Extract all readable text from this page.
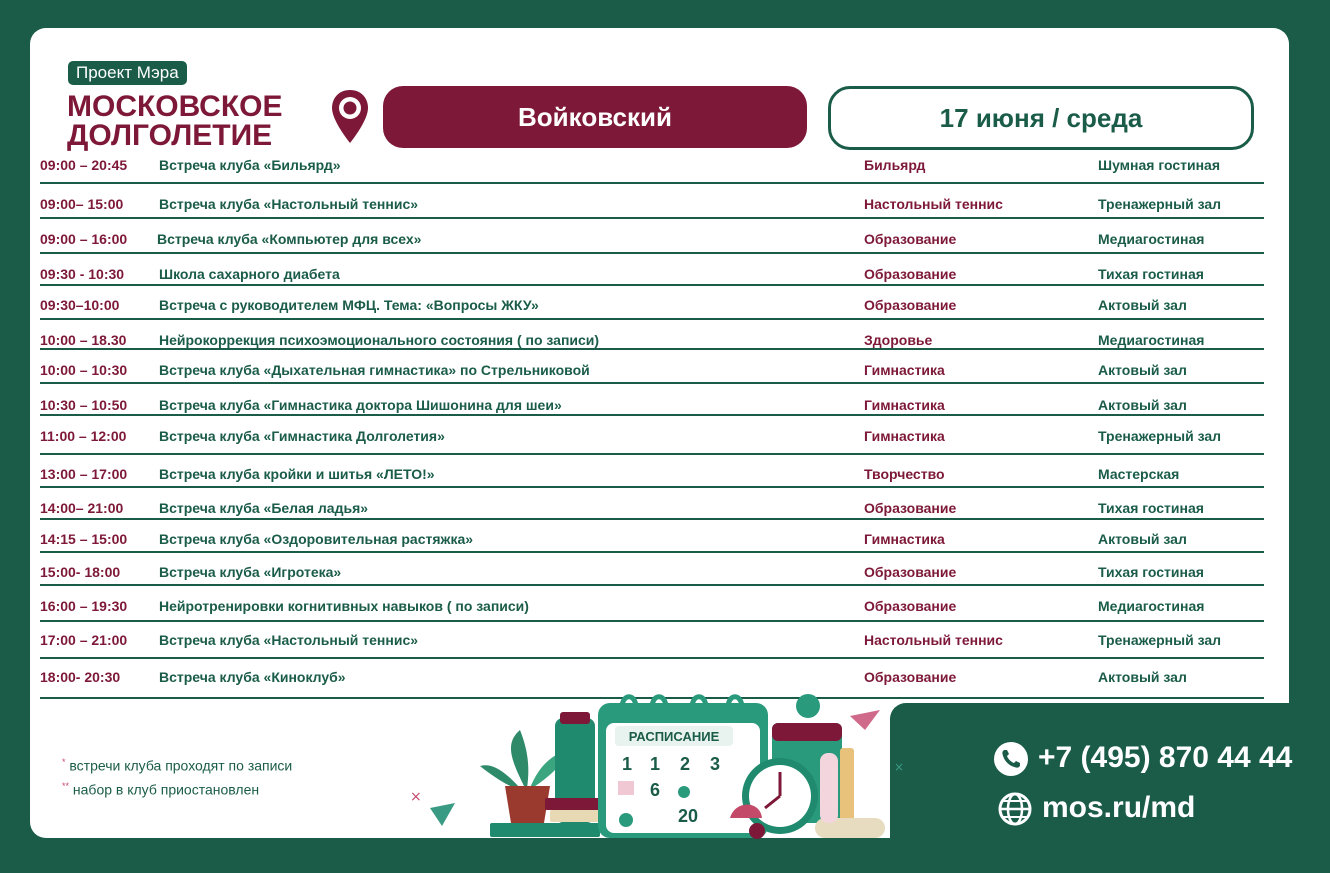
Проект Мэра
МОСКОВСКОЕ
ДОЛГОЛЕТИЕ
Войковский	17 июня / среда
09:00 – 20:45 Встреча клуба «Бильярд»	Бильярд	Шумная гостиная
09:00– 15:00	Встреча клуба «Настольный теннис»	Настольный теннис	Тренажерный зал
09:00 – 16:00 Встреча клуба «Компьютер для всех»	Образование	Медиагостиная
09:30 - 10:30 Школа сахарного диабета	Образование	Тихая гостиная
09:30–10:00	Встреча с руководителем МФЦ. Тема: «Вопросы ЖКУ»	Образование	Актовый зал
10:00 – 18.30 Нейрокоррекция психоэмоционального состояния ( по записи)	Здоровье	Медиагостиная
10:00 – 10:30 Встреча клуба «Дыхательная гимнастика» по Стрельниковой	Гимнастика	Актовый зал
10:30 – 10:50 Встреча клуба «Гимнастика доктора Шишонина для шеи»	Гимнастика	Актовый зал
11:00 – 12:00 Встреча клуба «Гимнастика Долголетия»	Гимнастика	Тренажерный зал
13:00 – 17:00 Встреча клуба кройки и шитья «ЛЕТО!»	Творчество	Мастерская
14:00– 21:00	Встреча клуба «Белая ладья»	Образование	Тихая гостиная
14:15 – 15:00 Встреча клуба «Оздоровительная растяжка»	Гимнастика	Актовый зал
15:00- 18:00	Встреча клуба «Игротека»	Образование	Тихая гостиная
16:00 – 19:30 Нейротренировки когнитивных навыков ( по записи)	Образование	Медиагостиная
17:00 – 21:00 Встреча клуба «Настольный теннис»	Настольный теннис	Тренажерный зал
18:00- 20:30	Встреча клуба «Киноклуб»	Образование	Актовый зал
* встречи клуба проходят по записи
** набор в клуб приостановлен	×
×
РАСПИСАНИЕ
1 1 2 3
6
20
+7 (495) 870 44 44
mos.ru/md
